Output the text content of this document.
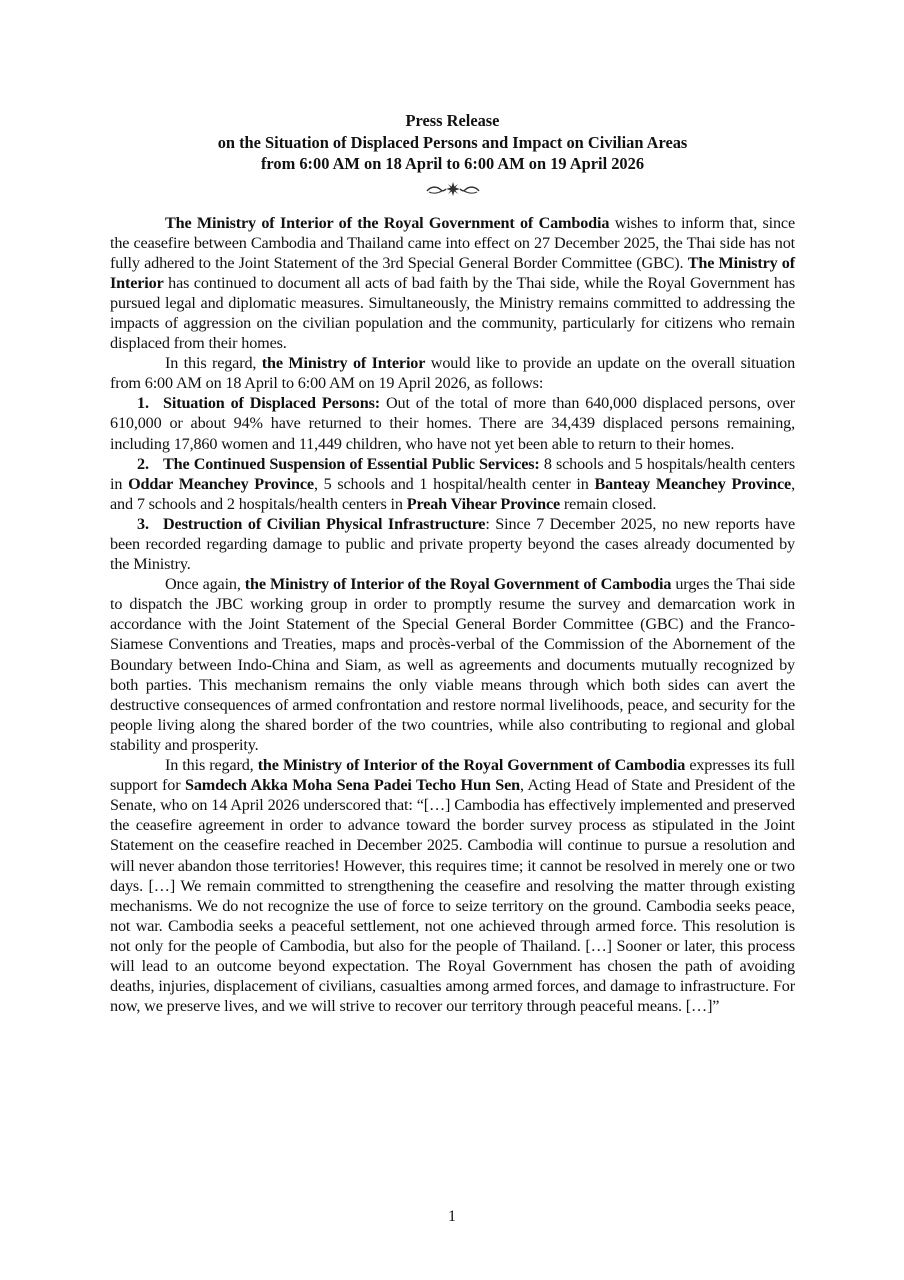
Press Release
on the Situation of Displaced Persons and Impact on Civilian Areas
from 6:00 AM on 18 April to 6:00 AM on 19 April 2026

The Ministry of Interior of the Royal Government of Cambodia wishes to inform that, since the ceasefire between Cambodia and Thailand came into effect on 27 December 2025, the Thai side has not fully adhered to the Joint Statement of the 3rd Special General Border Committee (GBC). The Ministry of Interior has continued to document all acts of bad faith by the Thai side, while the Royal Government has pursued legal and diplomatic measures. Simultaneously, the Ministry remains committed to addressing the impacts of aggression on the civilian population and the community, particularly for citizens who remain displaced from their homes.

In this regard, the Ministry of Interior would like to provide an update on the overall situation from 6:00 AM on 18 April to 6:00 AM on 19 April 2026, as follows:

1. Situation of Displaced Persons: Out of the total of more than 640,000 displaced persons, over 610,000 or about 94% have returned to their homes. There are 34,439 displaced persons remaining, including 17,860 women and 11,449 children, who have not yet been able to return to their homes.

2. The Continued Suspension of Essential Public Services: 8 schools and 5 hospitals/health centers in Oddar Meanchey Province, 5 schools and 1 hospital/health center in Banteay Meanchey Province, and 7 schools and 2 hospitals/health centers in Preah Vihear Province remain closed.

3. Destruction of Civilian Physical Infrastructure: Since 7 December 2025, no new reports have been recorded regarding damage to public and private property beyond the cases already documented by the Ministry.

Once again, the Ministry of Interior of the Royal Government of Cambodia urges the Thai side to dispatch the JBC working group in order to promptly resume the survey and demarcation work in accordance with the Joint Statement of the Special General Border Committee (GBC) and the Franco-Siamese Conventions and Treaties, maps and procès-verbal of the Commission of the Abornement of the Boundary between Indo-China and Siam, as well as agreements and documents mutually recognized by both parties. This mechanism remains the only viable means through which both sides can avert the destructive consequences of armed confrontation and restore normal livelihoods, peace, and security for the people living along the shared border of the two countries, while also contributing to regional and global stability and prosperity.

In this regard, the Ministry of Interior of the Royal Government of Cambodia expresses its full support for Samdech Akka Moha Sena Padei Techo Hun Sen, Acting Head of State and President of the Senate, who on 14 April 2026 underscored that: “[…] Cambodia has effectively implemented and preserved the ceasefire agreement in order to advance toward the border survey process as stipulated in the Joint Statement on the ceasefire reached in December 2025. Cambodia will continue to pursue a resolution and will never abandon those territories! However, this requires time; it cannot be resolved in merely one or two days. […] We remain committed to strengthening the ceasefire and resolving the matter through existing mechanisms. We do not recognize the use of force to seize territory on the ground. Cambodia seeks peace, not war. Cambodia seeks a peaceful settlement, not one achieved through armed force. This resolution is not only for the people of Cambodia, but also for the people of Thailand. […] Sooner or later, this process will lead to an outcome beyond expectation. The Royal Government has chosen the path of avoiding deaths, injuries, displacement of civilians, casualties among armed forces, and damage to infrastructure. For now, we preserve lives, and we will strive to recover our territory through peaceful means. […]”

1
